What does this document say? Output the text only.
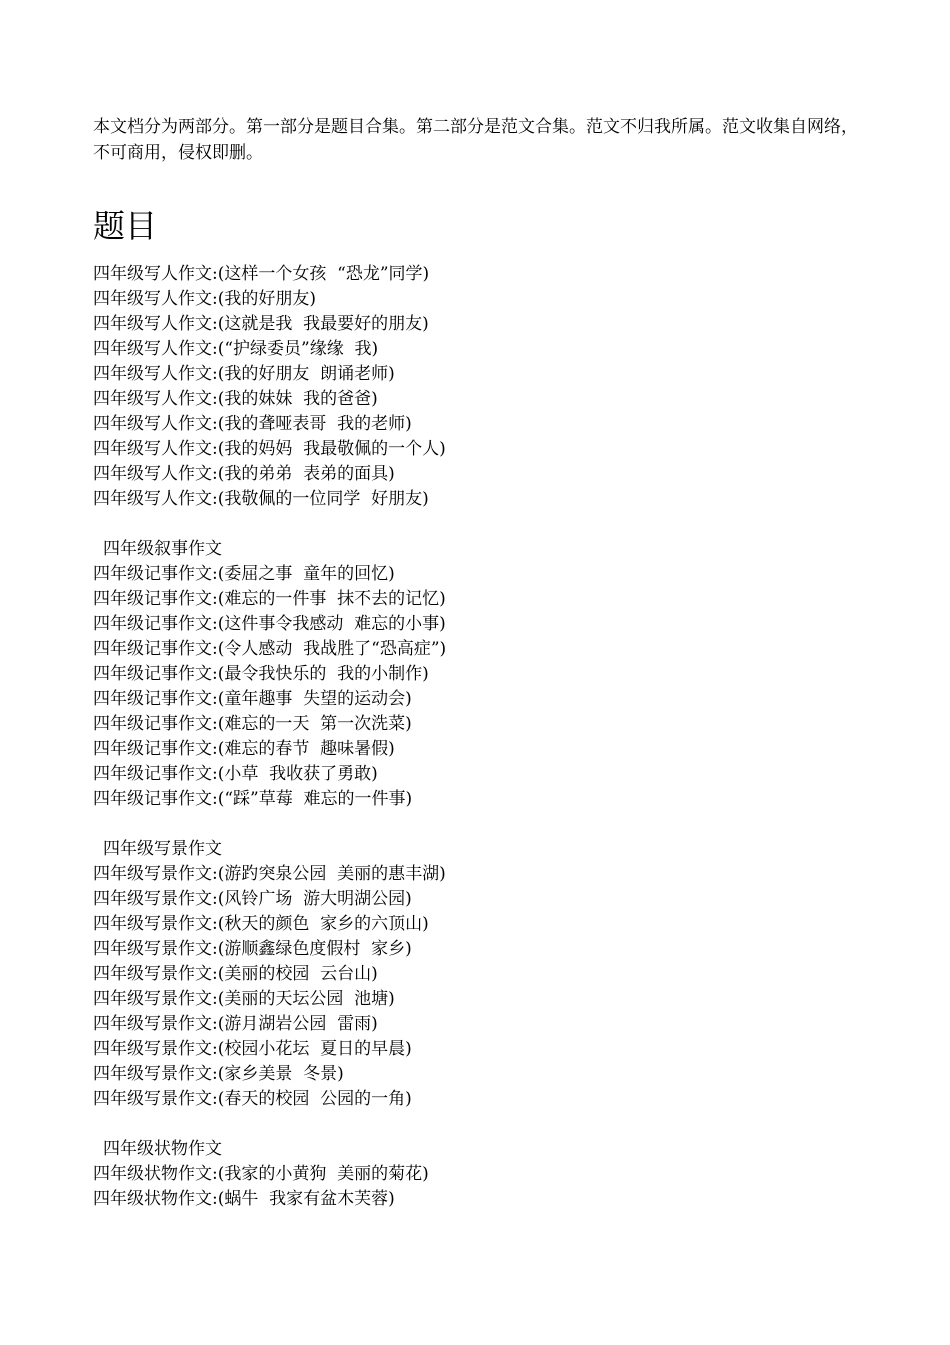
本文档分为两部分。第一部分是题目合集。第二部分是范文合集。范文不归我所属。范文收集自网络，不可商用，侵权即删。
题目
四年级写人作文:(这样一个女孩  “恐龙”同学)
四年级写人作文:(我的好朋友)
四年级写人作文:(这就是我  我最要好的朋友)
四年级写人作文:(“护绿委员”缘缘  我)
四年级写人作文:(我的好朋友  朗诵老师)
四年级写人作文:(我的妹妹  我的爸爸)
四年级写人作文:(我的聋哑表哥  我的老师)
四年级写人作文:(我的妈妈  我最敬佩的一个人)
四年级写人作文:(我的弟弟  表弟的面具)
四年级写人作文:(我敬佩的一位同学  好朋友)
四年级叙事作文
四年级记事作文:(委屈之事  童年的回忆)
四年级记事作文:(难忘的一件事  抹不去的记忆)
四年级记事作文:(这件事令我感动  难忘的小事)
四年级记事作文:(令人感动  我战胜了“恐高症”)
四年级记事作文:(最令我快乐的  我的小制作)
四年级记事作文:(童年趣事  失望的运动会)
四年级记事作文:(难忘的一天  第一次洗菜)
四年级记事作文:(难忘的春节  趣味暑假)
四年级记事作文:(小草  我收获了勇敢)
四年级记事作文:(“踩”草莓  难忘的一件事)
四年级写景作文
四年级写景作文:(游趵突泉公园  美丽的惠丰湖)
四年级写景作文:(风铃广场  游大明湖公园)
四年级写景作文:(秋天的颜色  家乡的六顶山)
四年级写景作文:(游顺鑫绿色度假村  家乡)
四年级写景作文:(美丽的校园  云台山)
四年级写景作文:(美丽的天坛公园  池塘)
四年级写景作文:(游月湖岩公园  雷雨)
四年级写景作文:(校园小花坛  夏日的早晨)
四年级写景作文:(家乡美景  冬景)
四年级写景作文:(春天的校园  公园的一角)
四年级状物作文
四年级状物作文:(我家的小黄狗  美丽的菊花)
四年级状物作文:(蜗牛  我家有盆木芙蓉)
